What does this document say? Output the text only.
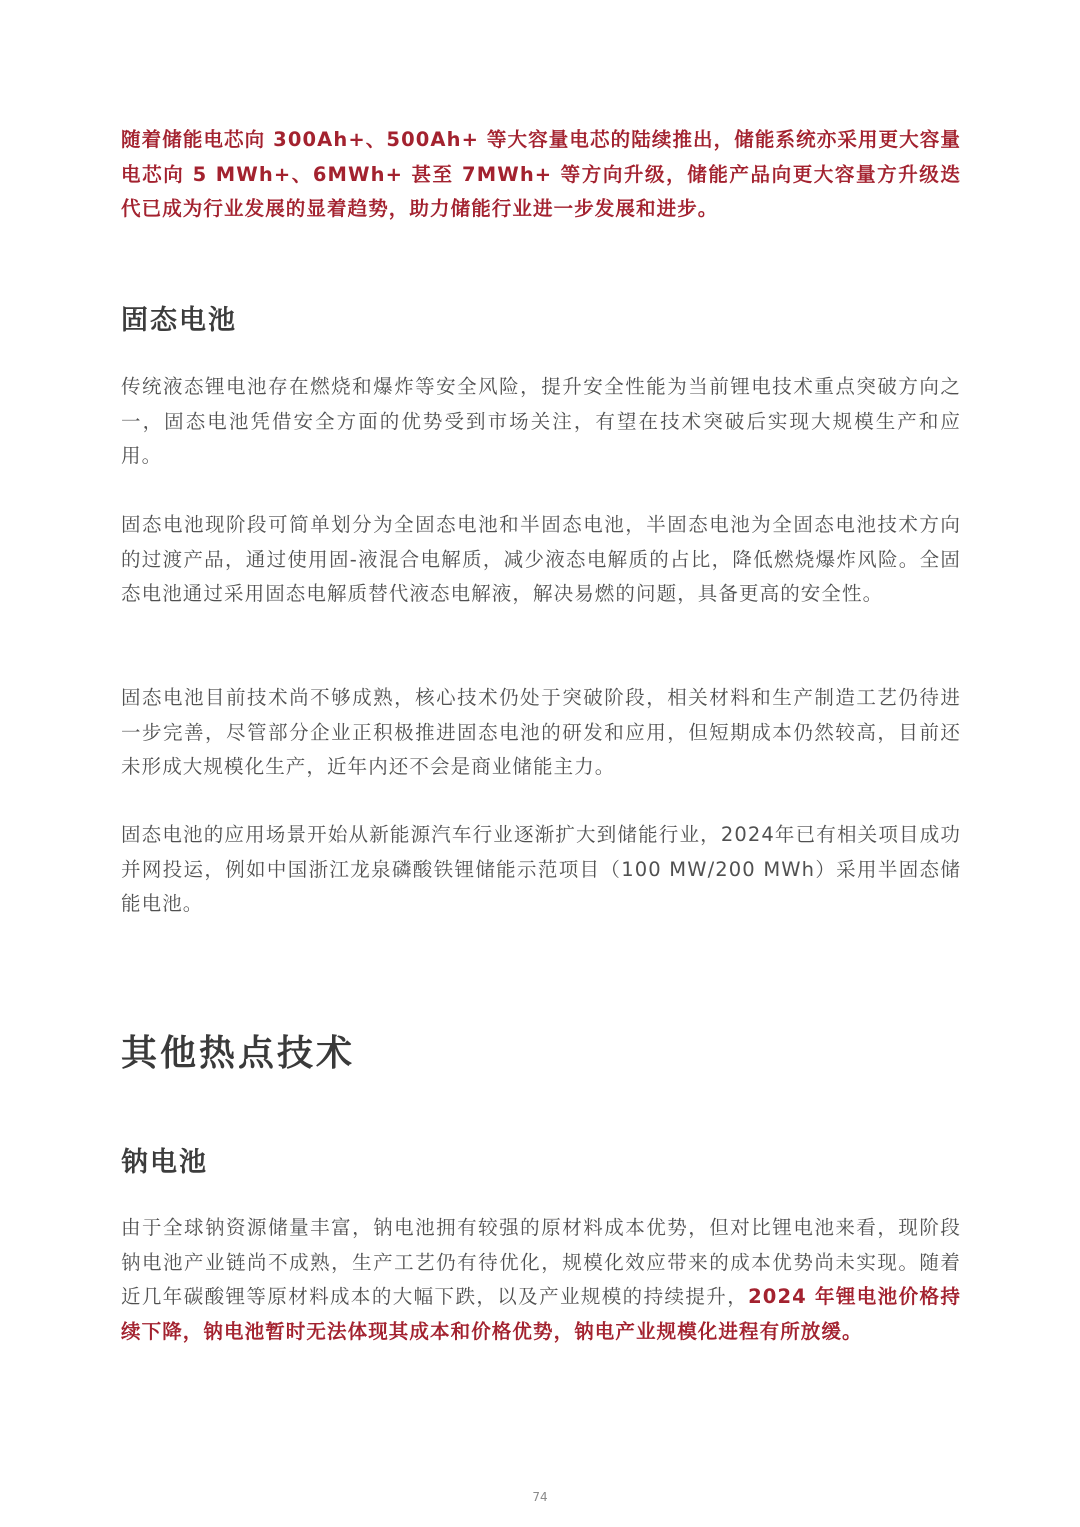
随着储能电芯向 300Ah+、500Ah+ 等大容量电芯的陆续推出，储能系统亦采用更大容量电芯向 5 MWh+、6MWh+ 甚至 7MWh+ 等方向升级，储能产品向更大容量方升级迭代已成为行业发展的显着趋势，助力储能行业进一步发展和进步。

固态电池

传统液态锂电池存在燃烧和爆炸等安全风险，提升安全性能为当前锂电技术重点突破方向之一，固态电池凭借安全方面的优势受到市场关注，有望在技术突破后实现大规模生产和应用。

固态电池现阶段可简单划分为全固态电池和半固态电池，半固态电池为全固态电池技术方向的过渡产品，通过使用固-液混合电解质，减少液态电解质的占比，降低燃烧爆炸风险。全固态电池通过采用固态电解质替代液态电解液，解决易燃的问题，具备更高的安全性。

固态电池目前技术尚不够成熟，核心技术仍处于突破阶段，相关材料和生产制造工艺仍待进一步完善，尽管部分企业正积极推进固态电池的研发和应用，但短期成本仍然较高，目前还未形成大规模化生产，近年内还不会是商业储能主力。

固态电池的应用场景开始从新能源汽车行业逐渐扩大到储能行业，2024年已有相关项目成功并网投运，例如中国浙江龙泉磷酸铁锂储能示范项目（100 MW/200 MWh）采用半固态储能电池。

其他热点技术
钠电池

由于全球钠资源储量丰富，钠电池拥有较强的原材料成本优势，但对比锂电池来看，现阶段钠电池产业链尚不成熟，生产工艺仍有待优化，规模化效应带来的成本优势尚未实现。随着近几年碳酸锂等原材料成本的大幅下跌，以及产业规模的持续提升，2024 年锂电池价格持续下降，钠电池暂时无法体现其成本和价格优势，钠电产业规模化进程有所放缓。

74
